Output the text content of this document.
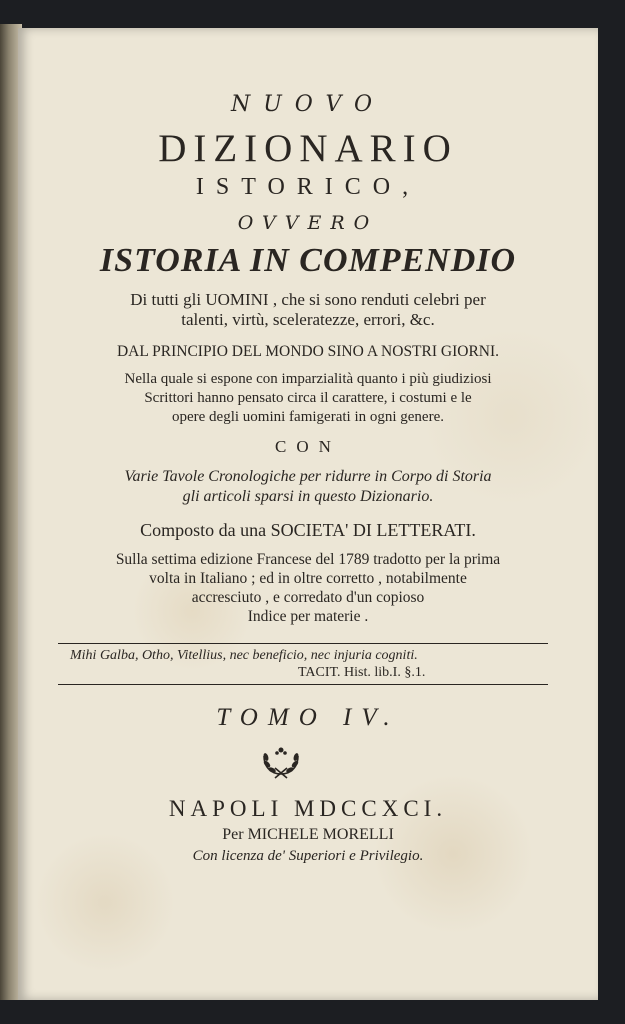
NUOVO
DIZIONARIO
ISTORICO,
OVVERO
ISTORIA IN COMPENDIO
Di tutti gli UOMINI , che si sono renduti celebri per
talenti, virtù, sceleratezze, errori, &c.
DAL PRINCIPIO DEL MONDO SINO A NOSTRI GIORNI.
Nella quale si espone con imparzialità quanto i più giudiziosi
Scrittori hanno pensato circa il carattere, i costumi e le
opere degli uomini famigerati in ogni genere.
CON
Varie Tavole Cronologiche per ridurre in Corpo di Storia
gli articoli sparsi in questo Dizionario.
Composto da una SOCIETA' DI LETTERATI.
Sulla settima edizione Francese del 1789 tradotto per la prima
volta in Italiano ; ed in oltre corretto , notabilmente
accresciuto , e corredato d'un copioso
Indice per materie .
Mihi Galba, Otho, Vitellius, nec beneficio, nec injuria cogniti.
TACIT. Hist. lib.I. §.1.
TOMO IV.
NAPOLI MDCCXCI.
Per MICHELE MORELLI
Con licenza de' Superiori e Privilegio.
